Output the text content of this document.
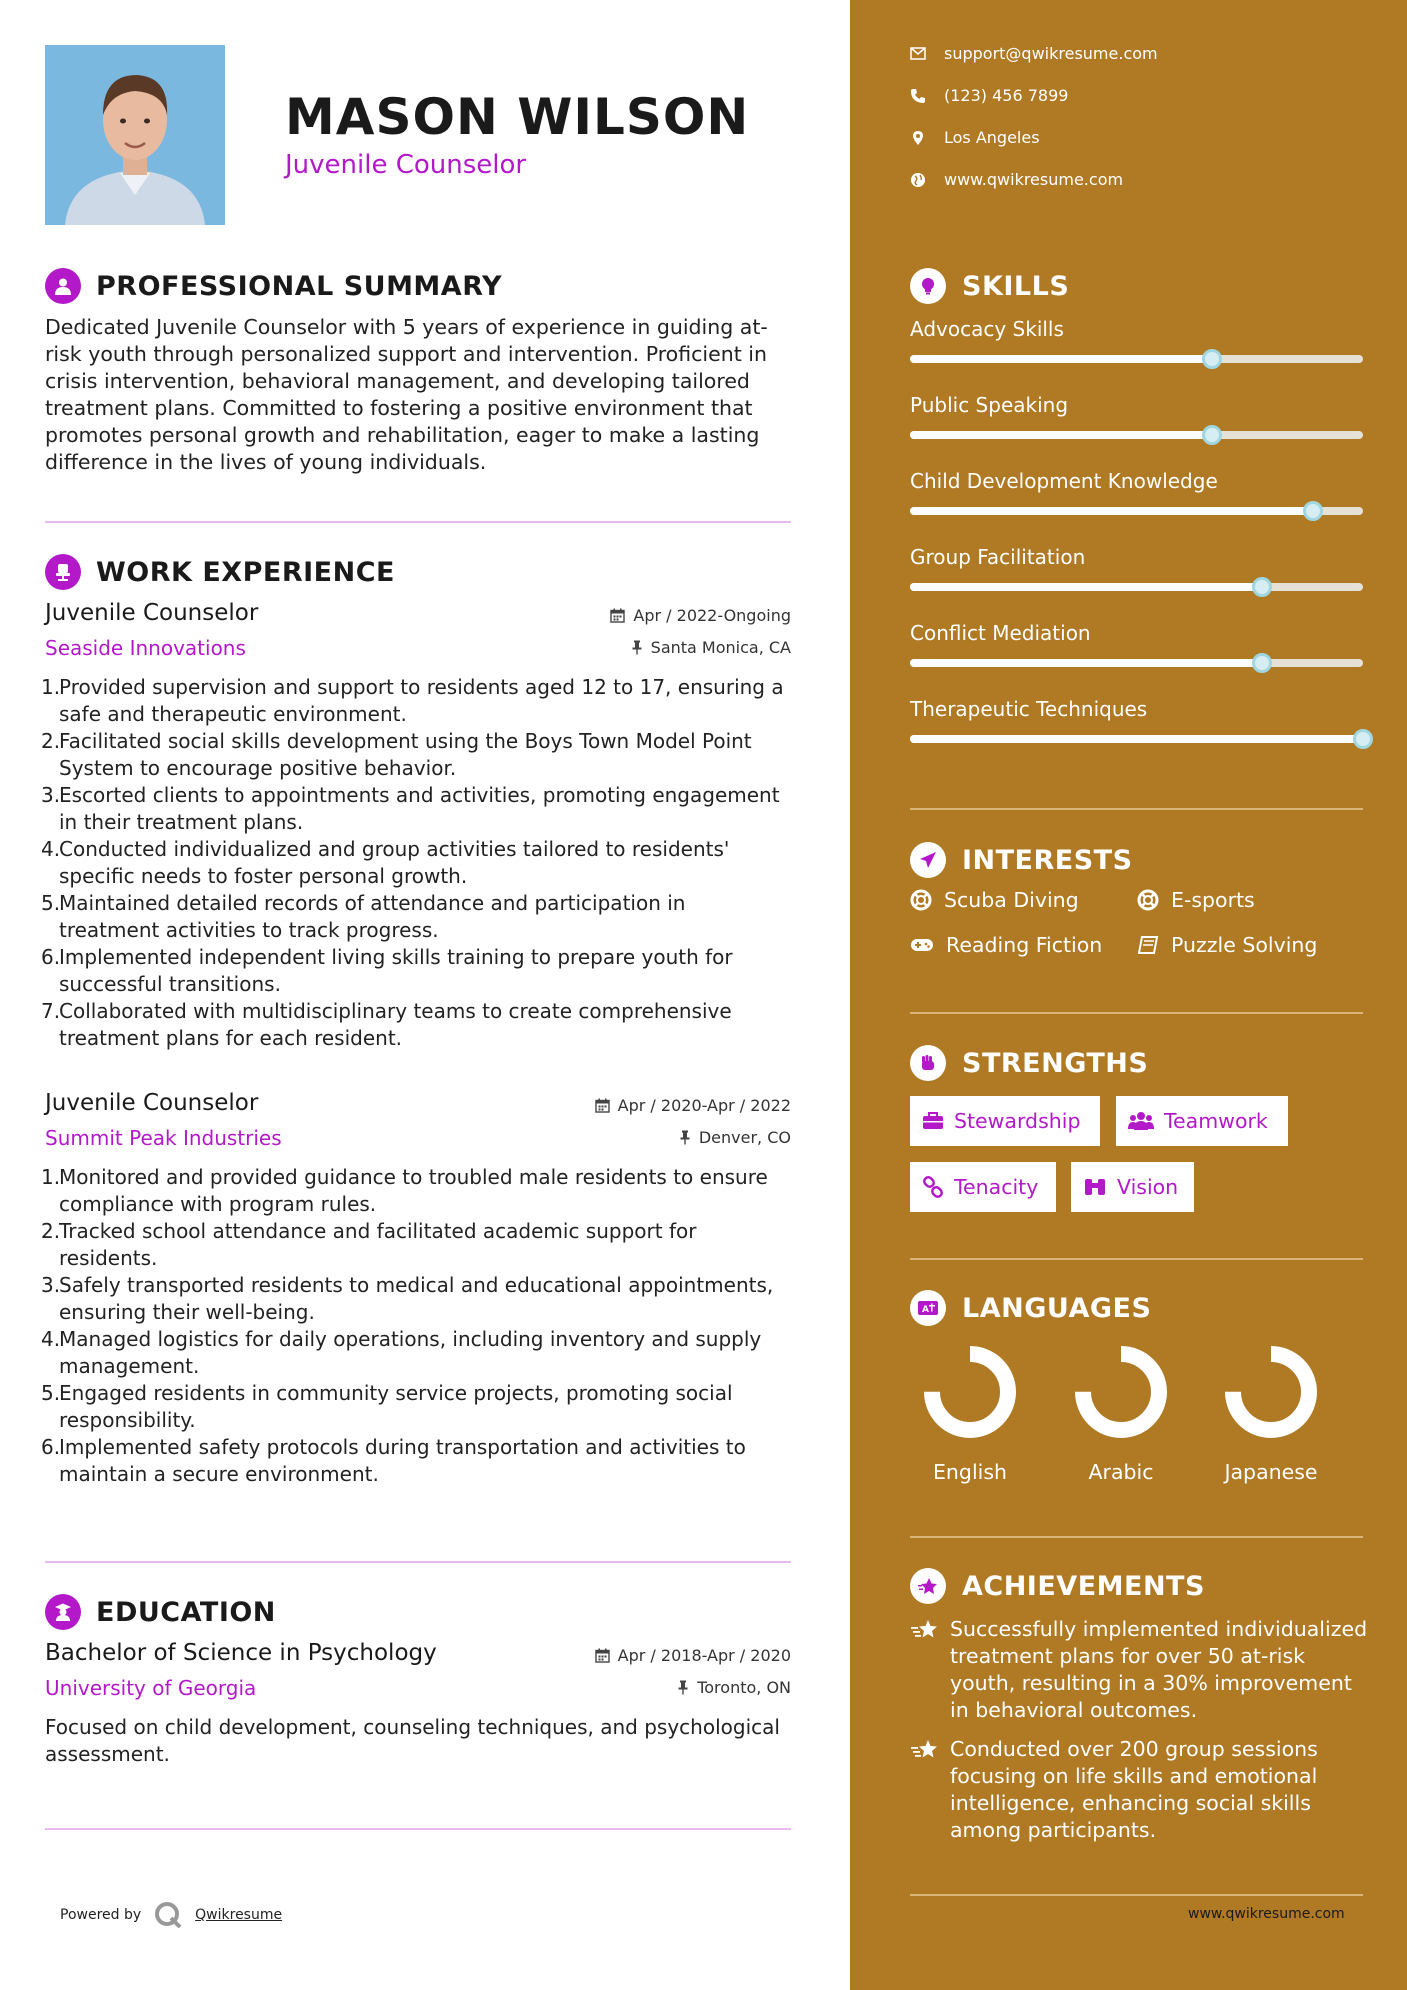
MASON WILSON
Juvenile Counselor
PROFESSIONAL SUMMARY
Dedicated Juvenile Counselor with 5 years of experience in guiding at-risk youth through personalized support and intervention. Proficient in crisis intervention, behavioral management, and developing tailored treatment plans. Committed to fostering a positive environment that promotes personal growth and rehabilitation, eager to make a lasting difference in the lives of young individuals.
WORK EXPERIENCE
Juvenile Counselor
Seaside Innovations
Apr / 2022-Ongoing
Santa Monica, CA
1.
Provided supervision and support to residents aged 12 to 17, ensuring a safe and therapeutic environment.
2.
Facilitated social skills development using the Boys Town Model Point System to encourage positive behavior.
3.
Escorted clients to appointments and activities, promoting engagement in their treatment plans.
4.
Conducted individualized and group activities tailored to residents' specific needs to foster personal growth.
5.
Maintained detailed records of attendance and participation in treatment activities to track progress.
6.
Implemented independent living skills training to prepare youth for successful transitions.
7.
Collaborated with multidisciplinary teams to create comprehensive treatment plans for each resident.
Juvenile Counselor
Summit Peak Industries
Apr / 2020-Apr / 2022
Denver, CO
1.
Monitored and provided guidance to troubled male residents to ensure compliance with program rules.
2.
Tracked school attendance and facilitated academic support for residents.
3.
Safely transported residents to medical and educational appointments, ensuring their well-being.
4.
Managed logistics for daily operations, including inventory and supply management.
5.
Engaged residents in community service projects, promoting social responsibility.
6.
Implemented safety protocols during transportation and activities to maintain a secure environment.
EDUCATION
Bachelor of Science in Psychology
University of Georgia
Apr / 2018-Apr / 2020
Toronto, ON
Focused on child development, counseling techniques, and psychological assessment.
Powered by	Qwikresume
support@qwikresume.com
(123) 456 7899
Los Angeles
www.qwikresume.com
SKILLS
Advocacy Skills
Public Speaking
Child Development Knowledge
Group Facilitation
Conflict Mediation
Therapeutic Techniques
INTERESTS
Scuba Diving	E-sports
Reading Fiction	Puzzle Solving
STRENGTHS
Stewardship	Teamwork
Tenacity	Vision
A LANGUAGES
English	Arabic	Japanese
ACHIEVEMENTS
Successfully implemented individualized treatment plans for over 50 at-risk youth, resulting in a 30% improvement in behavioral outcomes.
Conducted over 200 group sessions focusing on life skills and emotional intelligence, enhancing social skills among participants.
www.qwikresume.com
